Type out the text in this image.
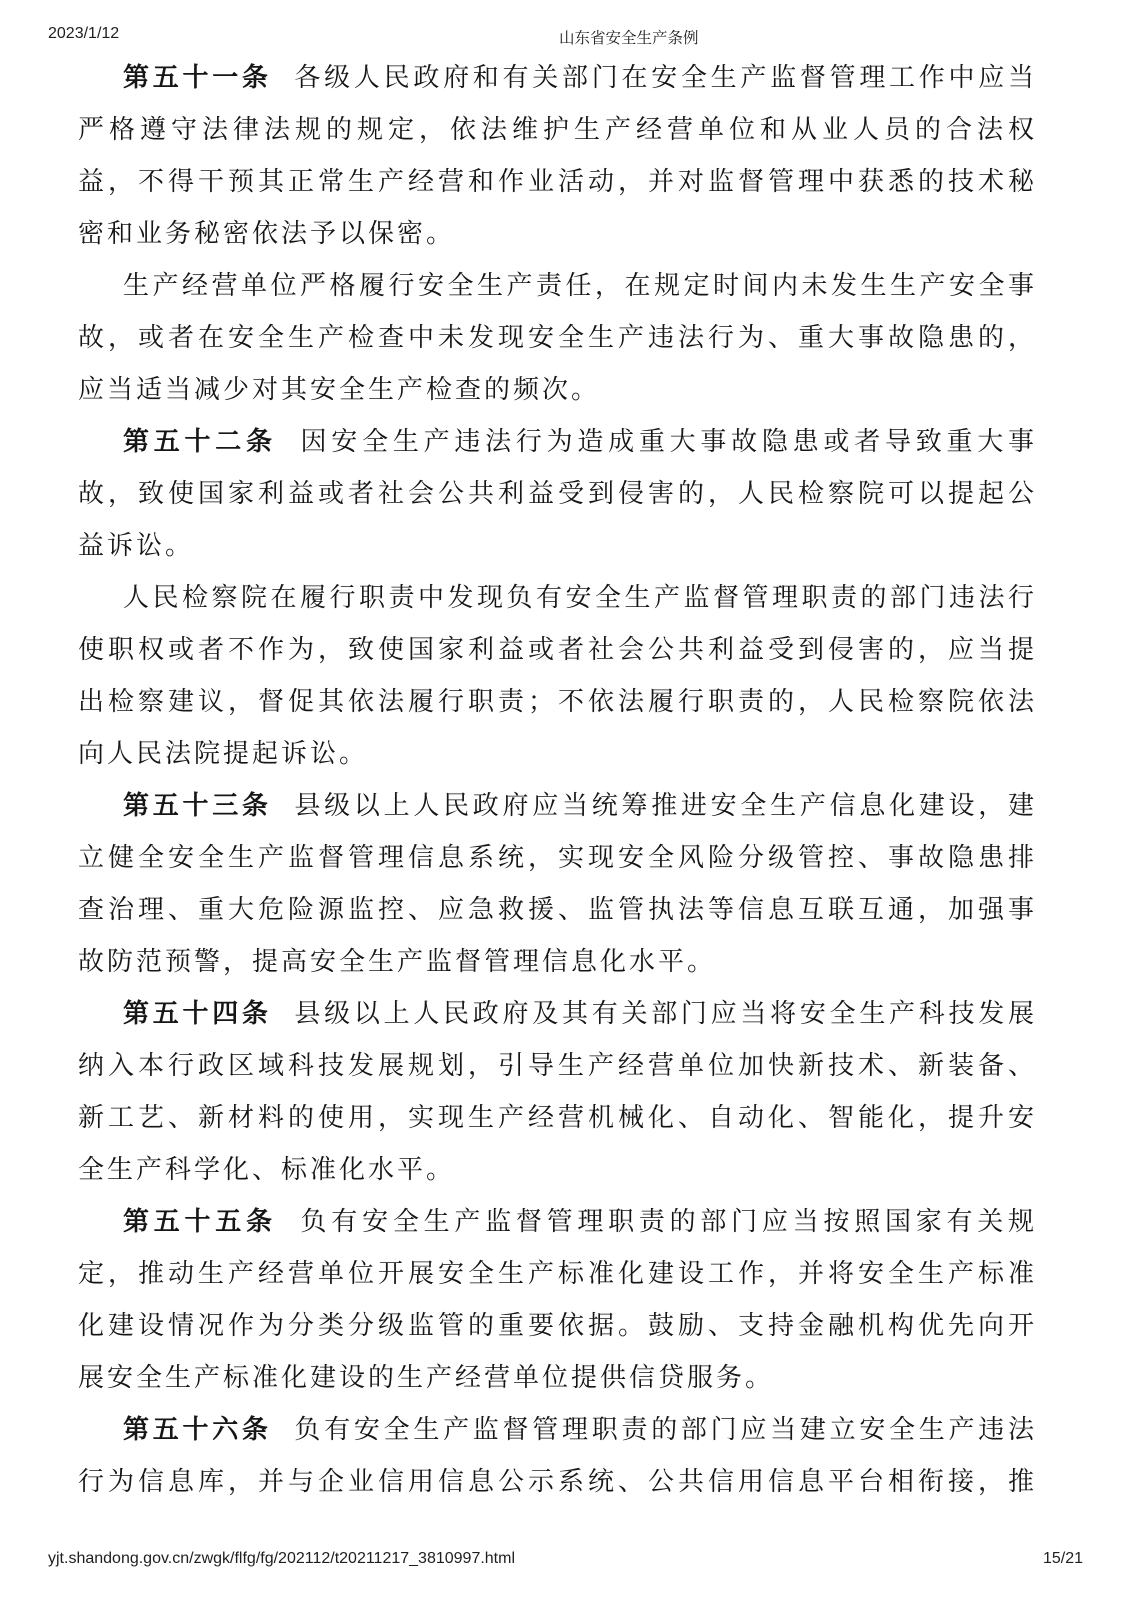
2023/1/12	山东省安全生产条例
第五十一条 各级人民政府和有关部门在安全生产监督管理工作中应当
严格遵守法律法规的规定，依法维护生产经营单位和从业人员的合法权
益，不得干预其正常生产经营和作业活动，并对监督管理中获悉的技术秘
密和业务秘密依法予以保密。
生产经营单位严格履行安全生产责任，在规定时间内未发生生产安全事
故，或者在安全生产检查中未发现安全生产违法行为、重大事故隐患的，
应当适当减少对其安全生产检查的频次。
第五十二条 因安全生产违法行为造成重大事故隐患或者导致重大事
故，致使国家利益或者社会公共利益受到侵害的，人民检察院可以提起公
益诉讼。
人民检察院在履行职责中发现负有安全生产监督管理职责的部门违法行
使职权或者不作为，致使国家利益或者社会公共利益受到侵害的，应当提
出检察建议，督促其依法履行职责；不依法履行职责的，人民检察院依法
向人民法院提起诉讼。
第五十三条 县级以上人民政府应当统筹推进安全生产信息化建设，建
立健全安全生产监督管理信息系统，实现安全风险分级管控、事故隐患排
查治理、重大危险源监控、应急救援、监管执法等信息互联互通，加强事
故防范预警，提高安全生产监督管理信息化水平。
第五十四条 县级以上人民政府及其有关部门应当将安全生产科技发展
纳入本行政区域科技发展规划，引导生产经营单位加快新技术、新装备、
新工艺、新材料的使用，实现生产经营机械化、自动化、智能化，提升安
全生产科学化、标准化水平。
第五十五条 负有安全生产监督管理职责的部门应当按照国家有关规
定，推动生产经营单位开展安全生产标准化建设工作，并将安全生产标准
化建设情况作为分类分级监管的重要依据。鼓励、支持金融机构优先向开
展安全生产标准化建设的生产经营单位提供信贷服务。
第五十六条 负有安全生产监督管理职责的部门应当建立安全生产违法
行为信息库，并与企业信用信息公示系统、公共信用信息平台相衔接，推
yjt.shandong.gov.cn/zwgk/flfg/fg/202112/t20211217_3810997.html	15/21
